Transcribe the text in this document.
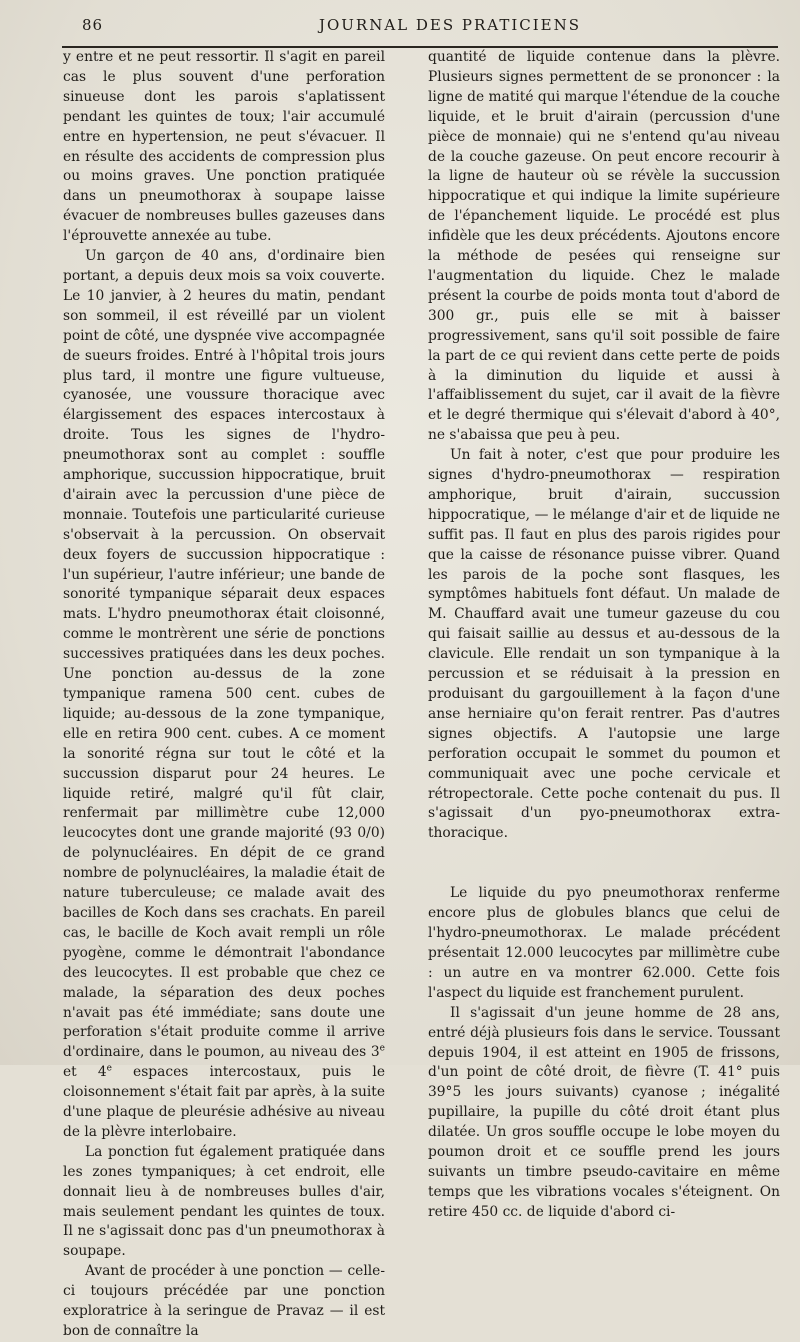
86	JOURNAL DES PRATICIENS

y entre et ne peut ressortir. Il s'agit en pareil cas le plus souvent d'une perforation sinueuse dont les parois s'aplatissent pendant les quintes de toux; l'air accumulé entre en hypertension, ne peut s'évacuer. Il en résulte des accidents de compression plus ou moins graves. Une ponction pratiquée dans un pneumothorax à soupape laisse évacuer de nombreuses bulles gazeuses dans l'éprouvette annexée au tube.

Un garçon de 40 ans, d'ordinaire bien portant, a depuis deux mois sa voix couverte. Le 10 janvier, à 2 heures du matin, pendant son sommeil, il est réveillé par un violent point de côté, une dyspnée vive accompagnée de sueurs froides. Entré à l'hôpital trois jours plus tard, il montre une figure vultueuse, cyanosée, une voussure thoracique avec élargissement des espaces intercostaux à droite. Tous les signes de l'hydro-pneumothorax sont au complet : souffle amphorique, succussion hippocratique, bruit d'airain avec la percussion d'une pièce de monnaie. Toutefois une particularité curieuse s'observait à la percussion. On observait deux foyers de succussion hippocratique : l'un supérieur, l'autre inférieur; une bande de sonorité tympanique séparait deux espaces mats. L'hydro pneumothorax était cloisonné, comme le montrèrent une série de ponctions successives pratiquées dans les deux poches. Une ponction au-dessus de la zone tympanique ramena 500 cent. cubes de liquide; au-dessous de la zone tympanique, elle en retira 900 cent. cubes. A ce moment la sonorité régna sur tout le côté et la succussion disparut pour 24 heures. Le liquide retiré, malgré qu'il fût clair, renfermait par millimètre cube 12,000 leucocytes dont une grande majorité (93 0/0) de polynucléaires. En dépit de ce grand nombre de polynucléaires, la maladie était de nature tuberculeuse; ce malade avait des bacilles de Koch dans ses crachats. En pareil cas, le bacille de Koch avait rempli un rôle pyogène, comme le démontrait l'abondance des leucocytes. Il est probable que chez ce malade, la séparation des deux poches n'avait pas été immédiate; sans doute une perforation s'était produite comme il arrive d'ordinaire, dans le poumon, au niveau des 3e et 4e espaces intercostaux, puis le cloisonnement s'était fait par après, à la suite d'une plaque de pleurésie adhésive au niveau de la plèvre interlobaire.

La ponction fut également pratiquée dans les zones tympaniques; à cet endroit, elle donnait lieu à de nombreuses bulles d'air, mais seulement pendant les quintes de toux. Il ne s'agissait donc pas d'un pneumothorax à soupape.

Avant de procéder à une ponction — celle-ci toujours précédée par une ponction exploratrice à la seringue de Pravaz — il est bon de connaître la

quantité de liquide contenue dans la plèvre. Plusieurs signes permettent de se prononcer : la ligne de matité qui marque l'étendue de la couche liquide, et le bruit d'airain (percussion d'une pièce de monnaie) qui ne s'entend qu'au niveau de la couche gazeuse. On peut encore recourir à la ligne de hauteur où se révèle la succussion hippocratique et qui indique la limite supérieure de l'épanchement liquide. Le procédé est plus infidèle que les deux précédents. Ajoutons encore la méthode de pesées qui renseigne sur l'augmentation du liquide. Chez le malade présent la courbe de poids monta tout d'abord de 300 gr., puis elle se mit à baisser progressivement, sans qu'il soit possible de faire la part de ce qui revient dans cette perte de poids à la diminution du liquide et aussi à l'affaiblissement du sujet, car il avait de la fièvre et le degré thermique qui s'élevait d'abord à 40°, ne s'abaissa que peu à peu.

Un fait à noter, c'est que pour produire les signes d'hydro-pneumothorax — respiration amphorique, bruit d'airain, succussion hippocratique, — le mélange d'air et de liquide ne suffit pas. Il faut en plus des parois rigides pour que la caisse de résonance puisse vibrer. Quand les parois de la poche sont flasques, les symptômes habituels font défaut. Un malade de M. Chauffard avait une tumeur gazeuse du cou qui faisait saillie au dessus et au-dessous de la clavicule. Elle rendait un son tympanique à la percussion et se réduisait à la pression en produisant du gargouillement à la façon d'une anse herniaire qu'on ferait rentrer. Pas d'autres signes objectifs. A l'autopsie une large perforation occupait le sommet du poumon et communiquait avec une poche cervicale et rétropectorale. Cette poche contenait du pus. Il s'agissait d'un pyo-pneumothorax extra-thoracique.

Le liquide du pyo pneumothorax renferme encore plus de globules blancs que celui de l'hydro-pneumothorax. Le malade précédent présentait 12.000 leucocytes par millimètre cube : un autre en va montrer 62.000. Cette fois l'aspect du liquide est franchement purulent.

Il s'agissait d'un jeune homme de 28 ans, entré déjà plusieurs fois dans le service. Toussant depuis 1904, il est atteint en 1905 de frissons, d'un point de côté droit, de fièvre (T. 41° puis 39°5 les jours suivants) cyanose ; inégalité pupillaire, la pupille du côté droit étant plus dilatée. Un gros souffle occupe le lobe moyen du poumon droit et ce souffle prend les jours suivants un timbre pseudo-cavitaire en même temps que les vibrations vocales s'éteignent. On retire 450 cc. de liquide d'abord ci-
